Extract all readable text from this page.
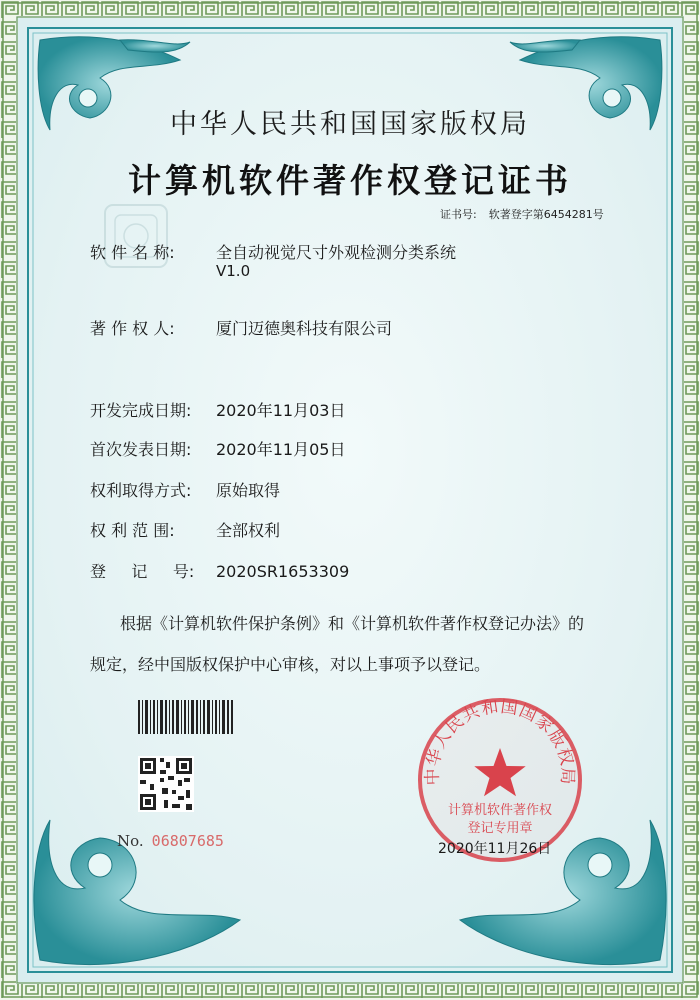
中华人民共和国国家版权局
计算机软件著作权登记证书
证书号: 软著登字第6454281号
软 件 名 称:	全自动视觉尺寸外观检测分类系统
V1.0
著 作 权 人:	厦门迈德奥科技有限公司
开发完成日期: 2020年11月03日
首次发表日期: 2020年11月05日
权利取得方式: 原始取得
权 利 范 围:	全部权利
登     记     号: 2020SR1653309
根据《计算机软件保护条例》和《计算机软件著作权登记办法》的
规定，经中国版权保护中心审核，对以上事项予以登记。
No. 06807685
中华人民共和国国家版权局
计算机软件著作权
登记专用章
2020年11月26日
